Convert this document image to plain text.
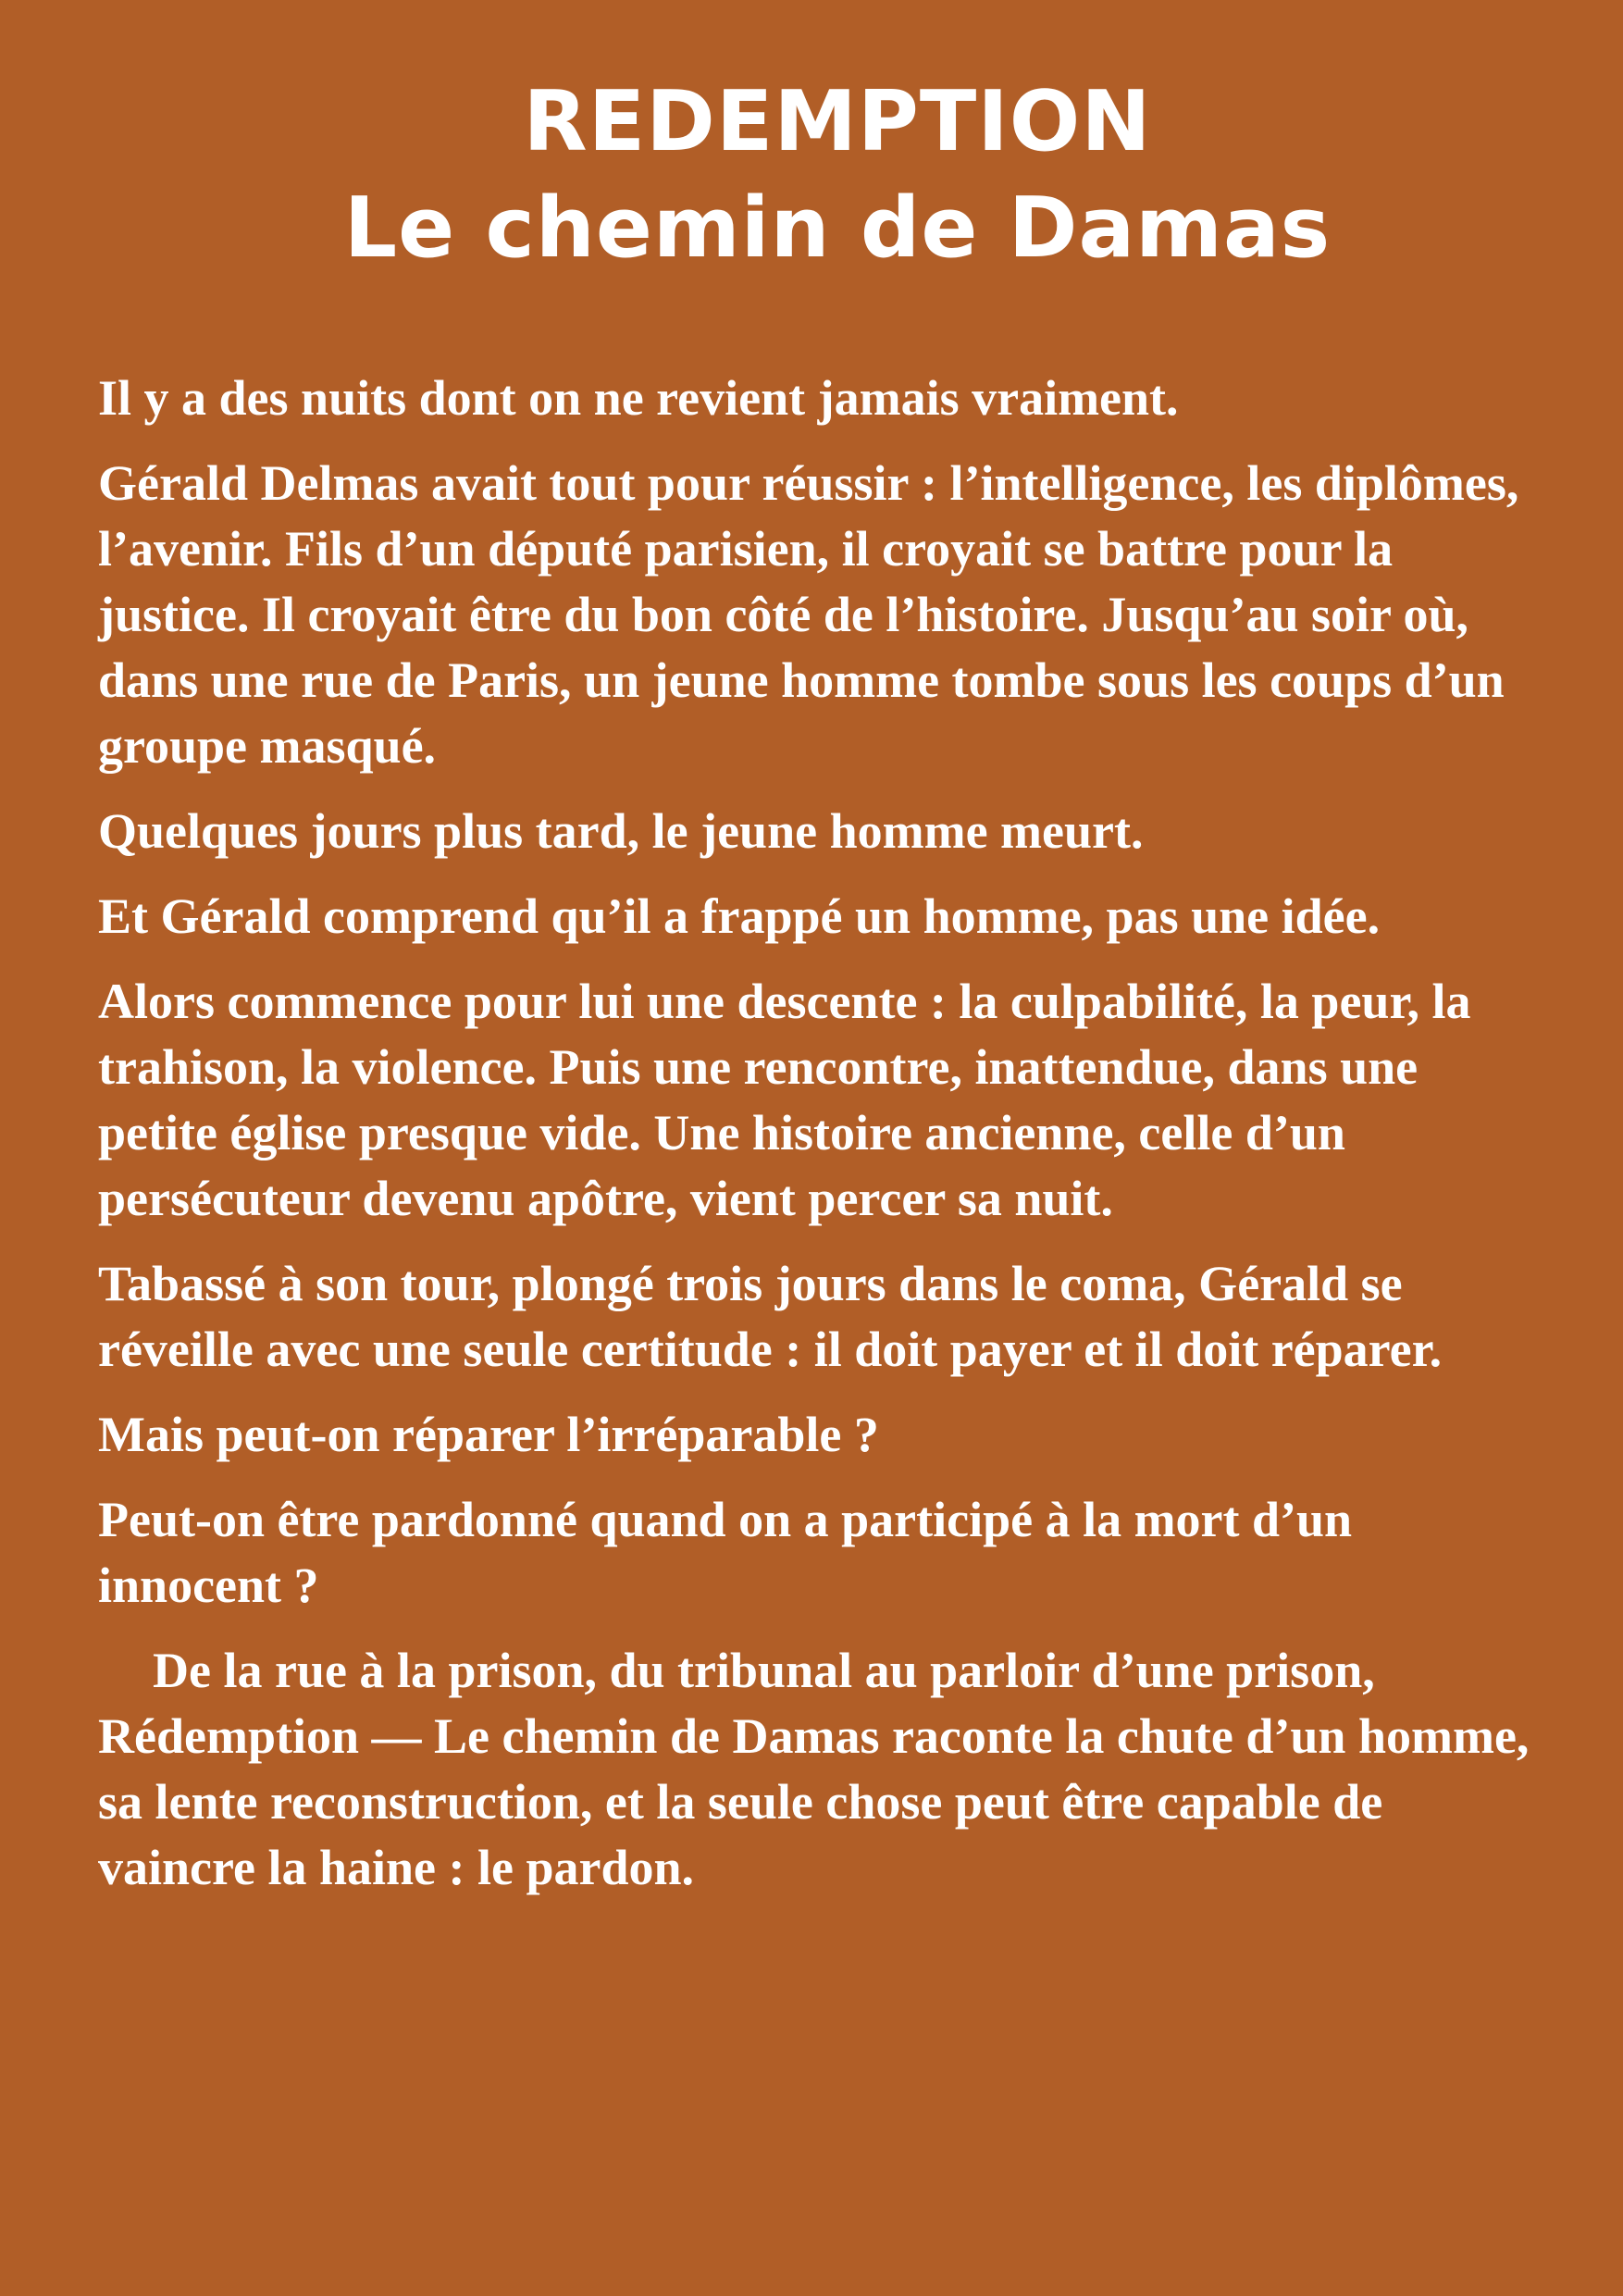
REDEMPTION
Le chemin de Damas

Il y a des nuits dont on ne revient jamais vraiment.

Gérald Delmas avait tout pour réussir : l’intelligence, les diplômes, l’avenir. Fils d’un député parisien, il croyait se battre pour la justice. Il croyait être du bon côté de l’histoire. Jusqu’au soir où, dans une rue de Paris, un jeune homme tombe sous les coups d’un groupe masqué.

Quelques jours plus tard, le jeune homme meurt.

Et Gérald comprend qu’il a frappé un homme, pas une idée.

Alors commence pour lui une descente : la culpabilité, la peur, la trahison, la violence. Puis une rencontre, inattendue, dans une petite église presque vide. Une histoire ancienne, celle d’un persécuteur devenu apôtre, vient percer sa nuit.

Tabassé à son tour, plongé trois jours dans le coma, Gérald se réveille avec une seule certitude : il doit payer et il doit réparer.

Mais peut-on réparer l’irréparable ?

Peut-on être pardonné quand on a participé à la mort d’un innocent ?

De la rue à la prison, du tribunal au parloir d’une prison, Rédemption — Le chemin de Damas raconte la chute d’un homme, sa lente reconstruction, et la seule chose peut être capable de vaincre la haine : le pardon.
